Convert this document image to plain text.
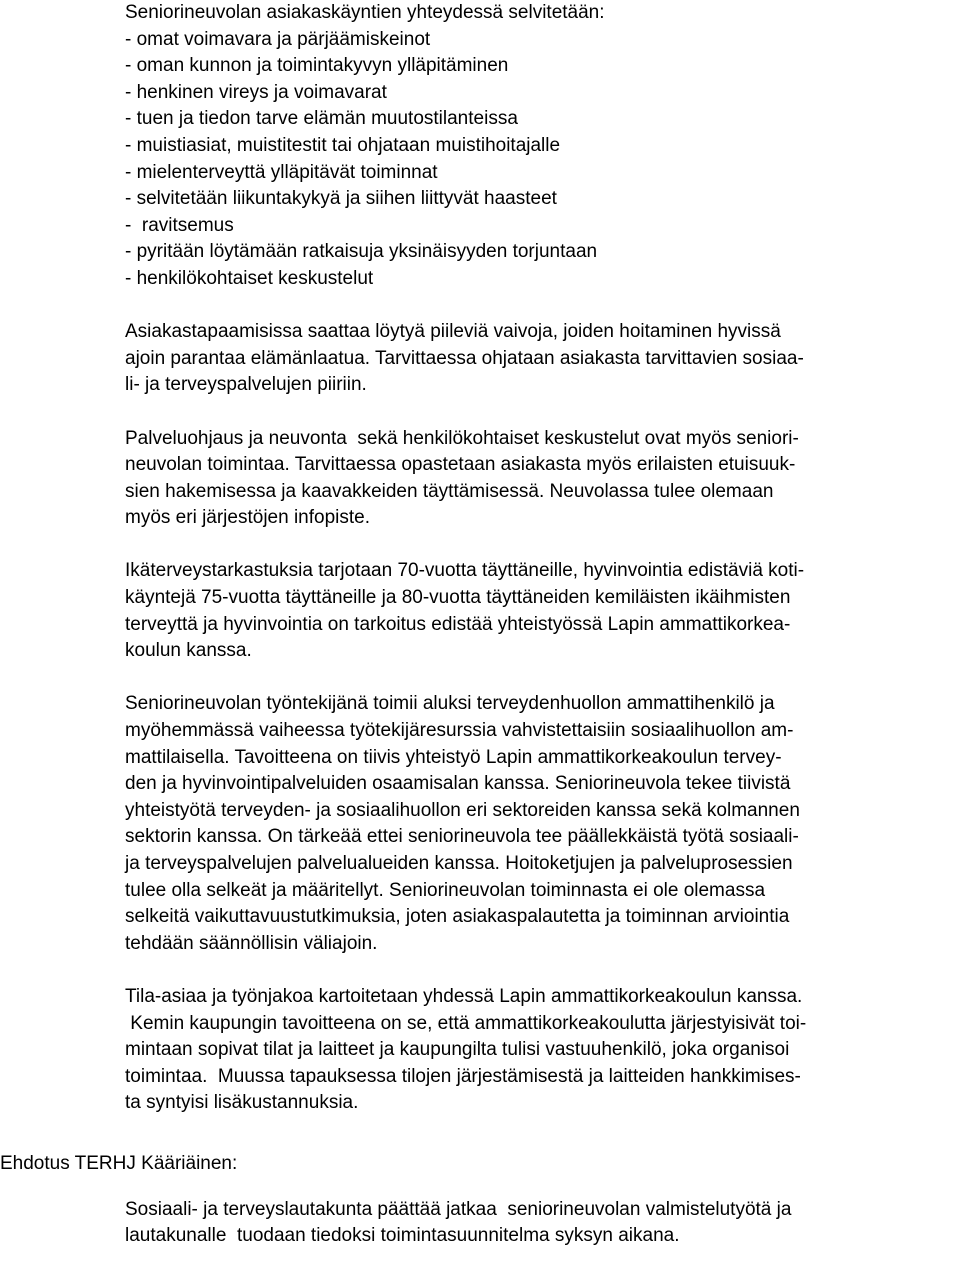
Seniorineuvolan asiakaskäyntien yhteydessä selvitetään:
- omat voimavara ja pärjäämiskeinot
- oman kunnon ja toimintakyvyn ylläpitäminen
- henkinen vireys ja voimavarat
- tuen ja tiedon tarve elämän muutostilanteissa
- muistiasiat, muistitestit tai ohjataan muistihoitajalle
- mielenterveyttä ylläpitävät toiminnat
- selvitetään liikuntakykyä ja siihen liittyvät haasteet
-  ravitsemus
- pyritään löytämään ratkaisuja yksinäisyyden torjuntaan
- henkilökohtaiset keskustelut
Asiakastapaamisissa saattaa löytyä piileviä vaivoja, joiden hoitaminen hyvissä
ajoin parantaa elämänlaatua. Tarvittaessa ohjataan asiakasta tarvittavien sosiaa-
li- ja terveyspalvelujen piiriin.
Palveluohjaus ja neuvonta  sekä henkilökohtaiset keskustelut ovat myös seniori-
neuvolan toimintaa. Tarvittaessa opastetaan asiakasta myös erilaisten etuisuuk-
sien hakemisessa ja kaavakkeiden täyttämisessä. Neuvolassa tulee olemaan
myös eri järjestöjen infopiste.
Ikäterveystarkastuksia tarjotaan 70-vuotta täyttäneille, hyvinvointia edistäviä koti-
käyntejä 75-vuotta täyttäneille ja 80-vuotta täyttäneiden kemiläisten ikäihmisten
terveyttä ja hyvinvointia on tarkoitus edistää yhteistyössä Lapin ammattikorkea-
koulun kanssa.
Seniorineuvolan työntekijänä toimii aluksi terveydenhuollon ammattihenkilö ja
myöhemmässä vaiheessa työtekijäresurssia vahvistettaisiin sosiaalihuollon am-
mattilaisella. Tavoitteena on tiivis yhteistyö Lapin ammattikorkeakoulun tervey-
den ja hyvinvointipalveluiden osaamisalan kanssa. Seniorineuvola tekee tiivistä
yhteistyötä terveyden- ja sosiaalihuollon eri sektoreiden kanssa sekä kolmannen
sektorin kanssa. On tärkeää ettei seniorineuvola tee päällekkäistä työtä sosiaali-
ja terveyspalvelujen palvelualueiden kanssa. Hoitoketjujen ja palveluprosessien
tulee olla selkeät ja määritellyt. Seniorineuvolan toiminnasta ei ole olemassa
selkeitä vaikuttavuustutkimuksia, joten asiakaspalautetta ja toiminnan arviointia
tehdään säännöllisin väliajoin.
Tila-asiaa ja työnjakoa kartoitetaan yhdessä Lapin ammattikorkeakoulun kanssa.
Kemin kaupungin tavoitteena on se, että ammattikorkeakoulutta järjestyisivät toi-
mintaan sopivat tilat ja laitteet ja kaupungilta tulisi vastuuhenkilö, joka organisoi
toimintaa.  Muussa tapauksessa tilojen järjestämisestä ja laitteiden hankkimises-
ta syntyisi lisäkustannuksia.
Sosiaali- ja terveyslautakunta päättää jatkaa  seniorineuvolan valmistelutyötä ja
lautakunalle  tuodaan tiedoksi toimintasuunnitelma syksyn aikana.
Ehdotus TERHJ Kääriäinen:
